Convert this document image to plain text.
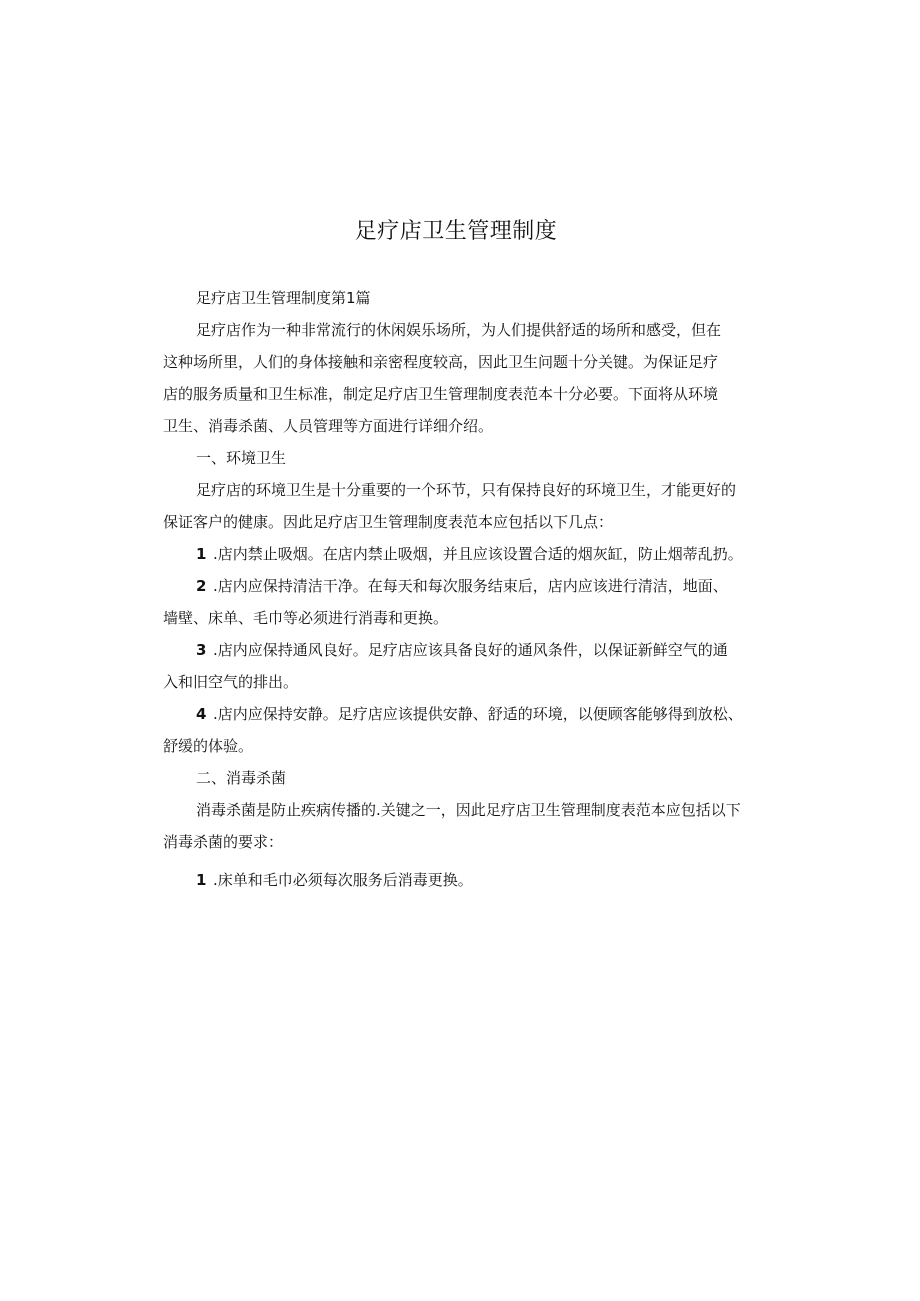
足疗店卫生管理制度

足疗店卫生管理制度第1篇

足疗店作为一种非常流行的休闲娱乐场所，为人们提供舒适的场所和感受，但在

这种场所里，人们的身体接触和亲密程度较高，因此卫生问题十分关键。为保证足疗

店的服务质量和卫生标准，制定足疗店卫生管理制度表范本十分必要。下面将从环境

卫生、消毒杀菌、人员管理等方面进行详细介绍。

一、环境卫生

足疗店的环境卫生是十分重要的一个环节，只有保持良好的环境卫生，才能更好的

保证客户的健康。因此足疗店卫生管理制度表范本应包括以下几点：

1 .店内禁止吸烟。在店内禁止吸烟，并且应该设置合适的烟灰缸，防止烟蒂乱扔。

2 .店内应保持清洁干净。在每天和每次服务结束后，店内应该进行清洁，地面、

墙壁、床单、毛巾等必须进行消毒和更换。

3 .店内应保持通风良好。足疗店应该具备良好的通风条件，以保证新鲜空气的通

入和旧空气的排出。

4 .店内应保持安静。足疗店应该提供安静、舒适的环境，以便顾客能够得到放松、

舒缓的体验。

二、消毒杀菌

消毒杀菌是防止疾病传播的.关键之一，因此足疗店卫生管理制度表范本应包括以下

消毒杀菌的要求：

1 .床单和毛巾必须每次服务后消毒更换。
